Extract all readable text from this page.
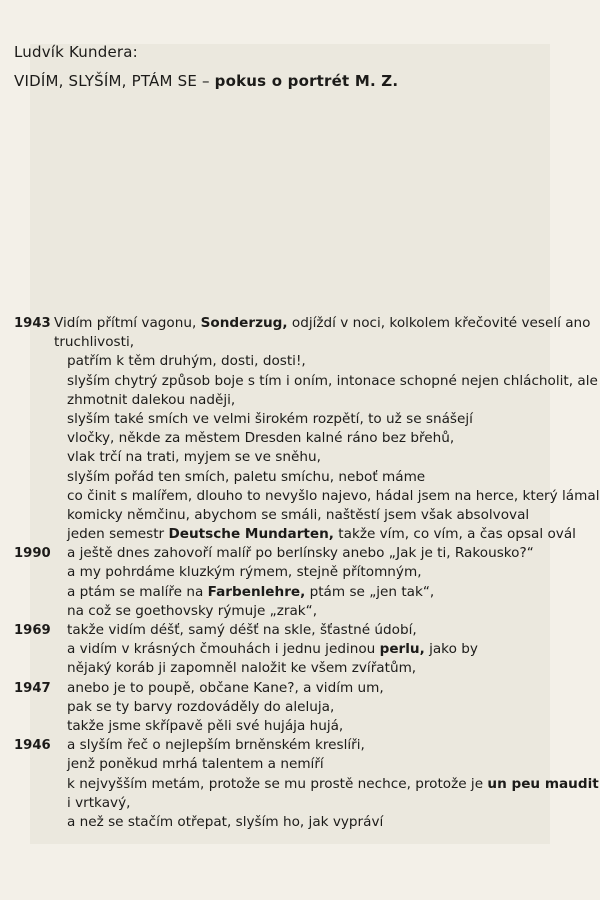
Ludvík Kundera:
VIDÍM, SLYŠÍM, PTÁM SE – pokus o portrét M. Z.
1943 Vidím přítmí vagonu, Sonderzug, odjíždí v noci, kolkolem křečovité veselí ano
truchlivosti,
patřím k těm druhým, dosti, dosti!,
slyším chytrý způsob boje s tím i oním, intonace schopné nejen chlácholit, ale
zhmotnit dalekou naději,
slyším také smích ve velmi širokém rozpětí, to už se snášejí
vločky, někde za městem Dresden kalné ráno bez břehů,
vlak trčí na trati, myjem se ve sněhu,
slyším pořád ten smích, paletu smíchu, neboť máme
co činit s malířem, dlouho to nevyšlo najevo, hádal jsem na herce, který lámal
komicky němčinu, abychom se smáli, naštěstí jsem však absolvoval
jeden semestr Deutsche Mundarten, takže vím, co vím, a čas opsal ovál
1990 a ještě dnes zahovoří malíř po berlínsky anebo „Jak je ti, Rakousko?“
a my pohrdáme kluzkým rýmem, stejně přítomným,
a ptám se malíře na Farbenlehre, ptám se „jen tak“,
na což se goethovsky rýmuje „zrak“,
1969 takže vidím déšť, samý déšť na skle, šťastné údobí,
a vidím v krásných čmouhách i jednu jedinou perlu, jako by
nějaký koráb ji zapomněl naložit ke všem zvířatům,
1947 anebo je to poupě, občane Kane?, a vidím um,
pak se ty barvy rozdováděly do aleluja,
takže jsme skřípavě pěli své hujája hujá,
1946 a slyším řeč o nejlepším brněnském kreslíři,
jenž poněkud mrhá talentem a nemíří
k nejvyšším metám, protože se mu prostě nechce, protože je un peu maudit
i vrtkavý,
a než se stačím otřepat, slyším ho, jak vypráví
